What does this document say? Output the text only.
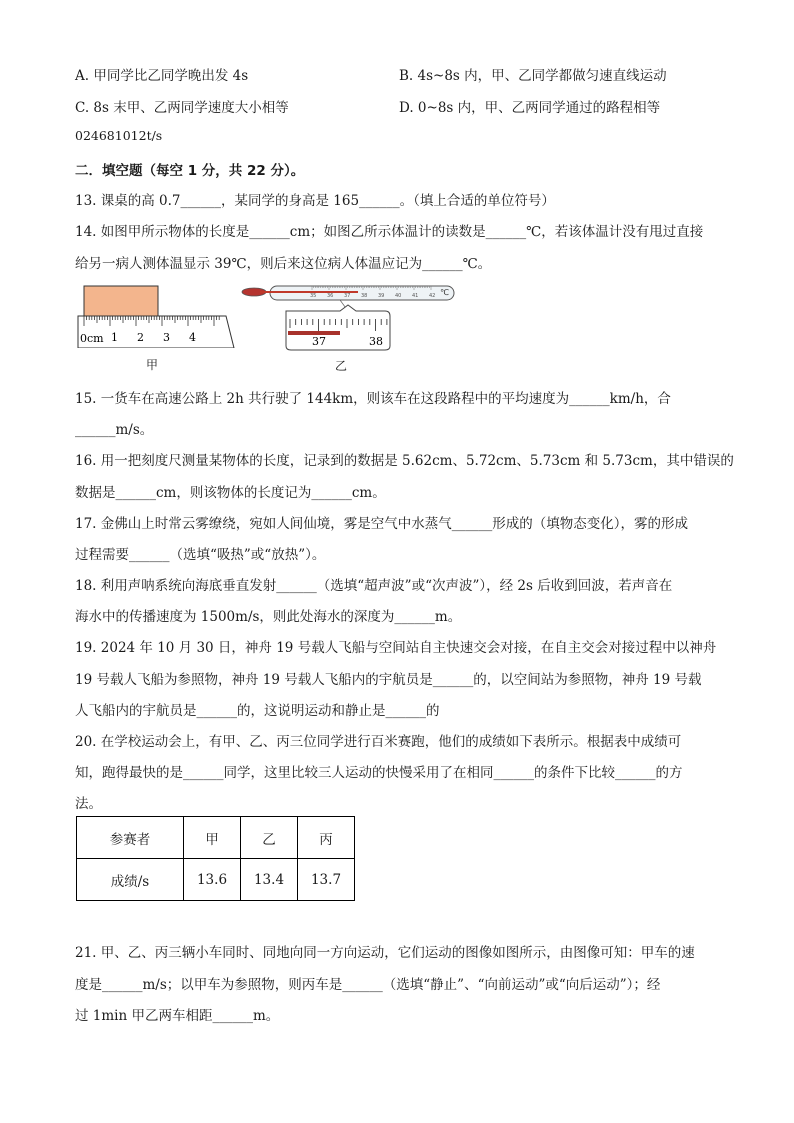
A. 甲同学比乙同学晚出发 4s	B. 4s~8s 内，甲、乙同学都做匀速直线运动
C. 8s 末甲、乙两同学速度大小相等	D. 0~8s 内，甲、乙两同学通过的路程相等
024681012t/s
二．填空题（每空 1 分，共 22 分）。
13. 课桌的高 0.7______，某同学的身高是 165______。（填上合适的单位符号）
14. 如图甲所示物体的长度是______cm；如图乙所示体温计的读数是______℃，若该体温计没有甩过直接
给另一病人测体温显示 39℃，则后来这位病人体温应记为______℃。
0cm 1 2 3 4
甲
35 36 37 38 39 40 41 42 ℃
37	38
乙
15. 一货车在高速公路上 2h 共行驶了 144km，则该车在这段路程中的平均速度为______km/h，合
______m/s。
16. 用一把刻度尺测量某物体的长度，记录到的数据是 5.62cm、5.72cm、5.73cm 和 5.73cm，其中错误的
数据是______cm，则该物体的长度记为______cm。
17. 金佛山上时常云雾缭绕，宛如人间仙境，雾是空气中水蒸气______形成的（填物态变化），雾的形成
过程需要______（选填“吸热”或“放热”）。
18. 利用声呐系统向海底垂直发射______（选填“超声波”或“次声波”），经 2s 后收到回波，若声音在
海水中的传播速度为 1500m/s，则此处海水的深度为______m。
19. 2024 年 10 月 30 日，神舟 19 号载人飞船与空间站自主快速交会对接，在自主交会对接过程中以神舟
19 号载人飞船为参照物，神舟 19 号载人飞船内的宇航员是______的，以空间站为参照物，神舟 19 号载
人飞船内的宇航员是______的，这说明运动和静止是______的
20. 在学校运动会上，有甲、乙、丙三位同学进行百米赛跑，他们的成绩如下表所示。根据表中成绩可
知，跑得最快的是______同学，这里比较三人运动的快慢采用了在相同______的条件下比较______的方
法。
参赛者	甲	乙	丙
成绩/s	13.6	13.4	13.7
21. 甲、乙、丙三辆小车同时、同地向同一方向运动，它们运动的图像如图所示，由图像可知：甲车的速
度是______m/s；以甲车为参照物，则丙车是______（选填“静止”、“向前运动”或“向后运动”）；经
过 1min 甲乙两车相距______m。
